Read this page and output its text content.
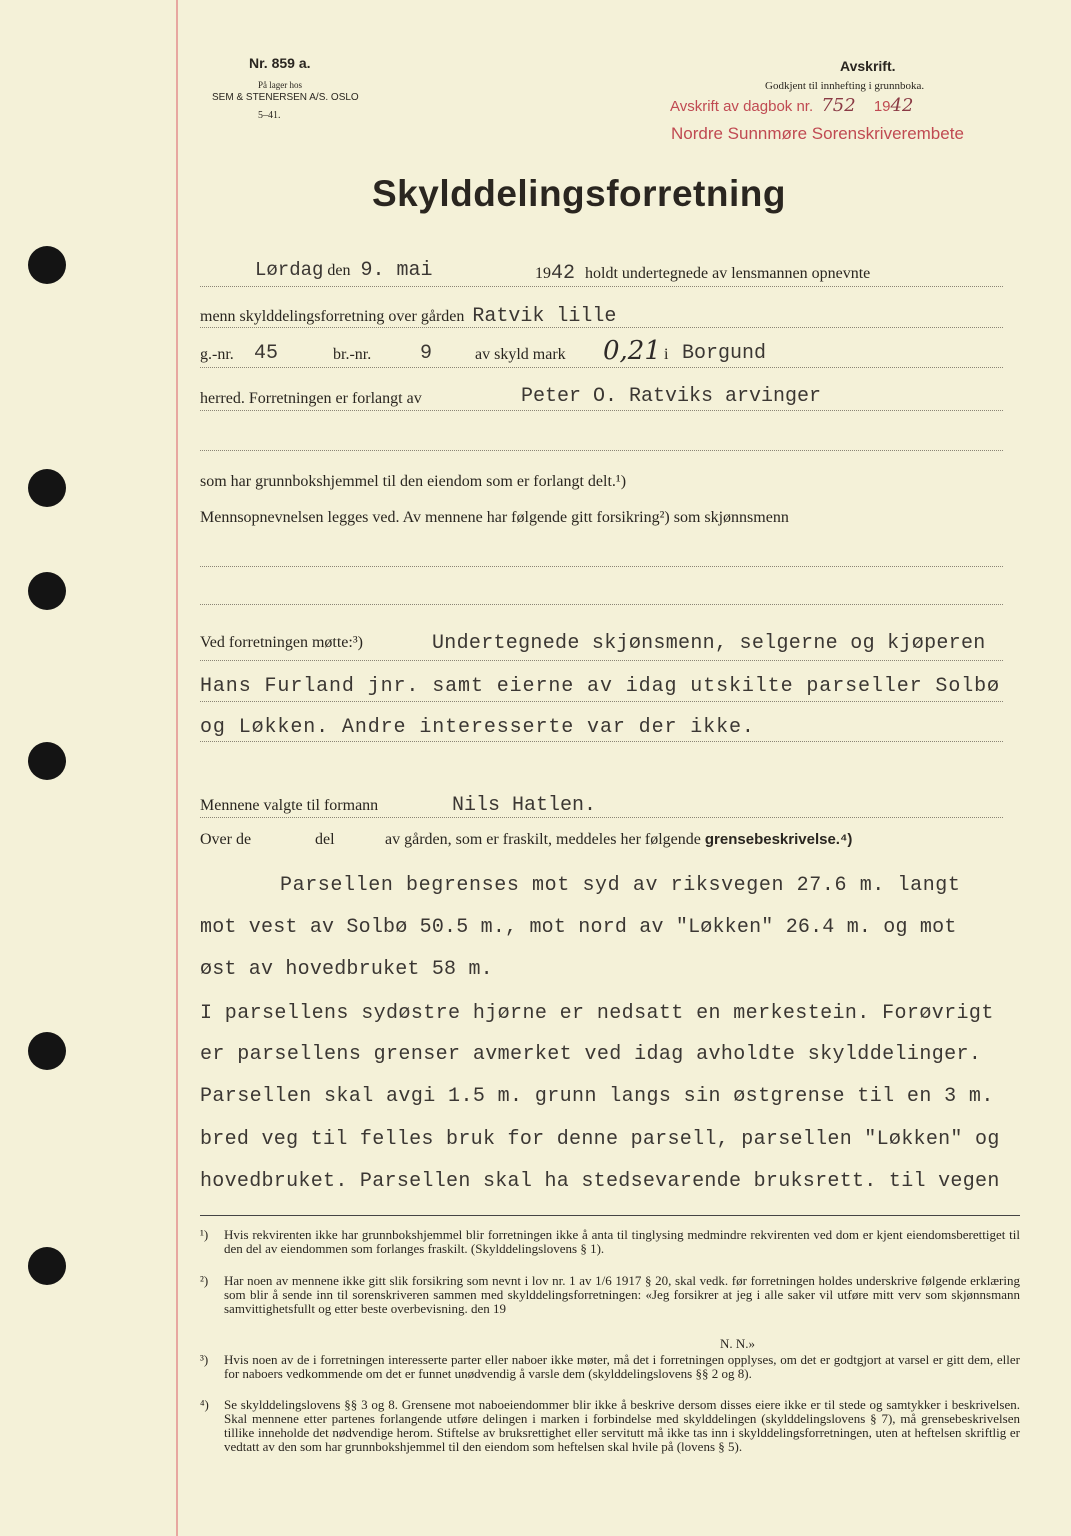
Nr. 859 a.
På lager hos
SEM & STENERSEN A/S. OSLO
5–41.
Avskrift.
Godkjent til innhefting i grunnboka.
Avskrift av dagbok nr. 752 1942
Nordre Sunnmøre Sorenskriverembete
Skylddelingsforretning
Lørdag den 9. mai	1942 holdt undertegnede av lensmannen opnevnte
menn skylddelingsforretning over gården Ratvik lille
g.-nr. 45	br.-nr. 9	av skyld mark 0,21 i Borgund
herred. Forretningen er forlangt av	Peter O. Ratviks arvinger
som har grunnbokshjemmel til den eiendom som er forlangt delt.¹)
Mennsopnevnelsen legges ved. Av mennene har følgende gitt forsikring²) som skjønnsmenn
Ved forretningen møtte:³)	Undertegnede skjønsmenn, selgerne og kjøperen
Hans Furland jnr. samt eierne av idag utskilte parseller Solbø
og Løkken. Andre interesserte var der ikke.
Mennene valgte til formann	Nils Hatlen.
Over de	del	av gården, som er fraskilt, meddeles her følgende grensebeskrivelse.⁴)
Parsellen begrenses mot syd av riksvegen 27.6 m. langt
mot vest av Solbø 50.5 m., mot nord av "Løkken" 26.4 m. og mot
øst av hovedbruket 58 m.
I parsellens sydøstre hjørne er nedsatt en merkestein. Forøvrigt
er parsellens grenser avmerket ved idag avholdte skylddelinger.
Parsellen skal avgi 1.5 m. grunn langs sin østgrense til en 3 m.
bred veg til felles bruk for denne parsell, parsellen "Løkken" og
hovedbruket. Parsellen skal ha stedsevarende bruksrett. til vegen
¹) Hvis rekvirenten ikke har grunnbokshjemmel blir forretningen ikke å anta til tinglysing medmindre rekvirenten ved dom er kjent eiendomsberettiget til den del av eiendommen som forlanges fraskilt. (Skylddelingslovens § 1).
²) Har noen av mennene ikke gitt slik forsikring som nevnt i lov nr. 1 av 1/6 1917 § 20, skal vedk. før forretningen holdes underskrive følgende erklæring som blir å sende inn til sorenskriveren sammen med skylddelingsforretningen: «Jeg forsikrer at jeg i alle saker vil utføre mitt verv som skjønnsmann samvittighetsfullt og etter beste overbevisning. den 19
N. N.»
³) Hvis noen av de i forretningen interesserte parter eller naboer ikke møter, må det i forretningen opplyses, om det er godtgjort at varsel er gitt dem, eller for naboers vedkommende om det er funnet unødvendig å varsle dem (skylddelingslovens §§ 2 og 8).
⁴) Se skylddelingslovens §§ 3 og 8. Grensene mot naboeiendommer blir ikke å beskrive dersom disses eiere ikke er til stede og samtykker i beskrivelsen. Skal mennene etter partenes forlangende utføre delingen i marken i forbindelse med skylddelingen (skylddelingslovens § 7), må grensebeskrivelsen tillike inneholde det nødvendige herom. Stiftelse av bruksrettighet eller servitutt må ikke tas inn i skylddelingsforretningen, uten at heftelsen skriftlig er vedtatt av den som har grunnbokshjemmel til den eiendom som heftelsen skal hvile på (lovens § 5).
